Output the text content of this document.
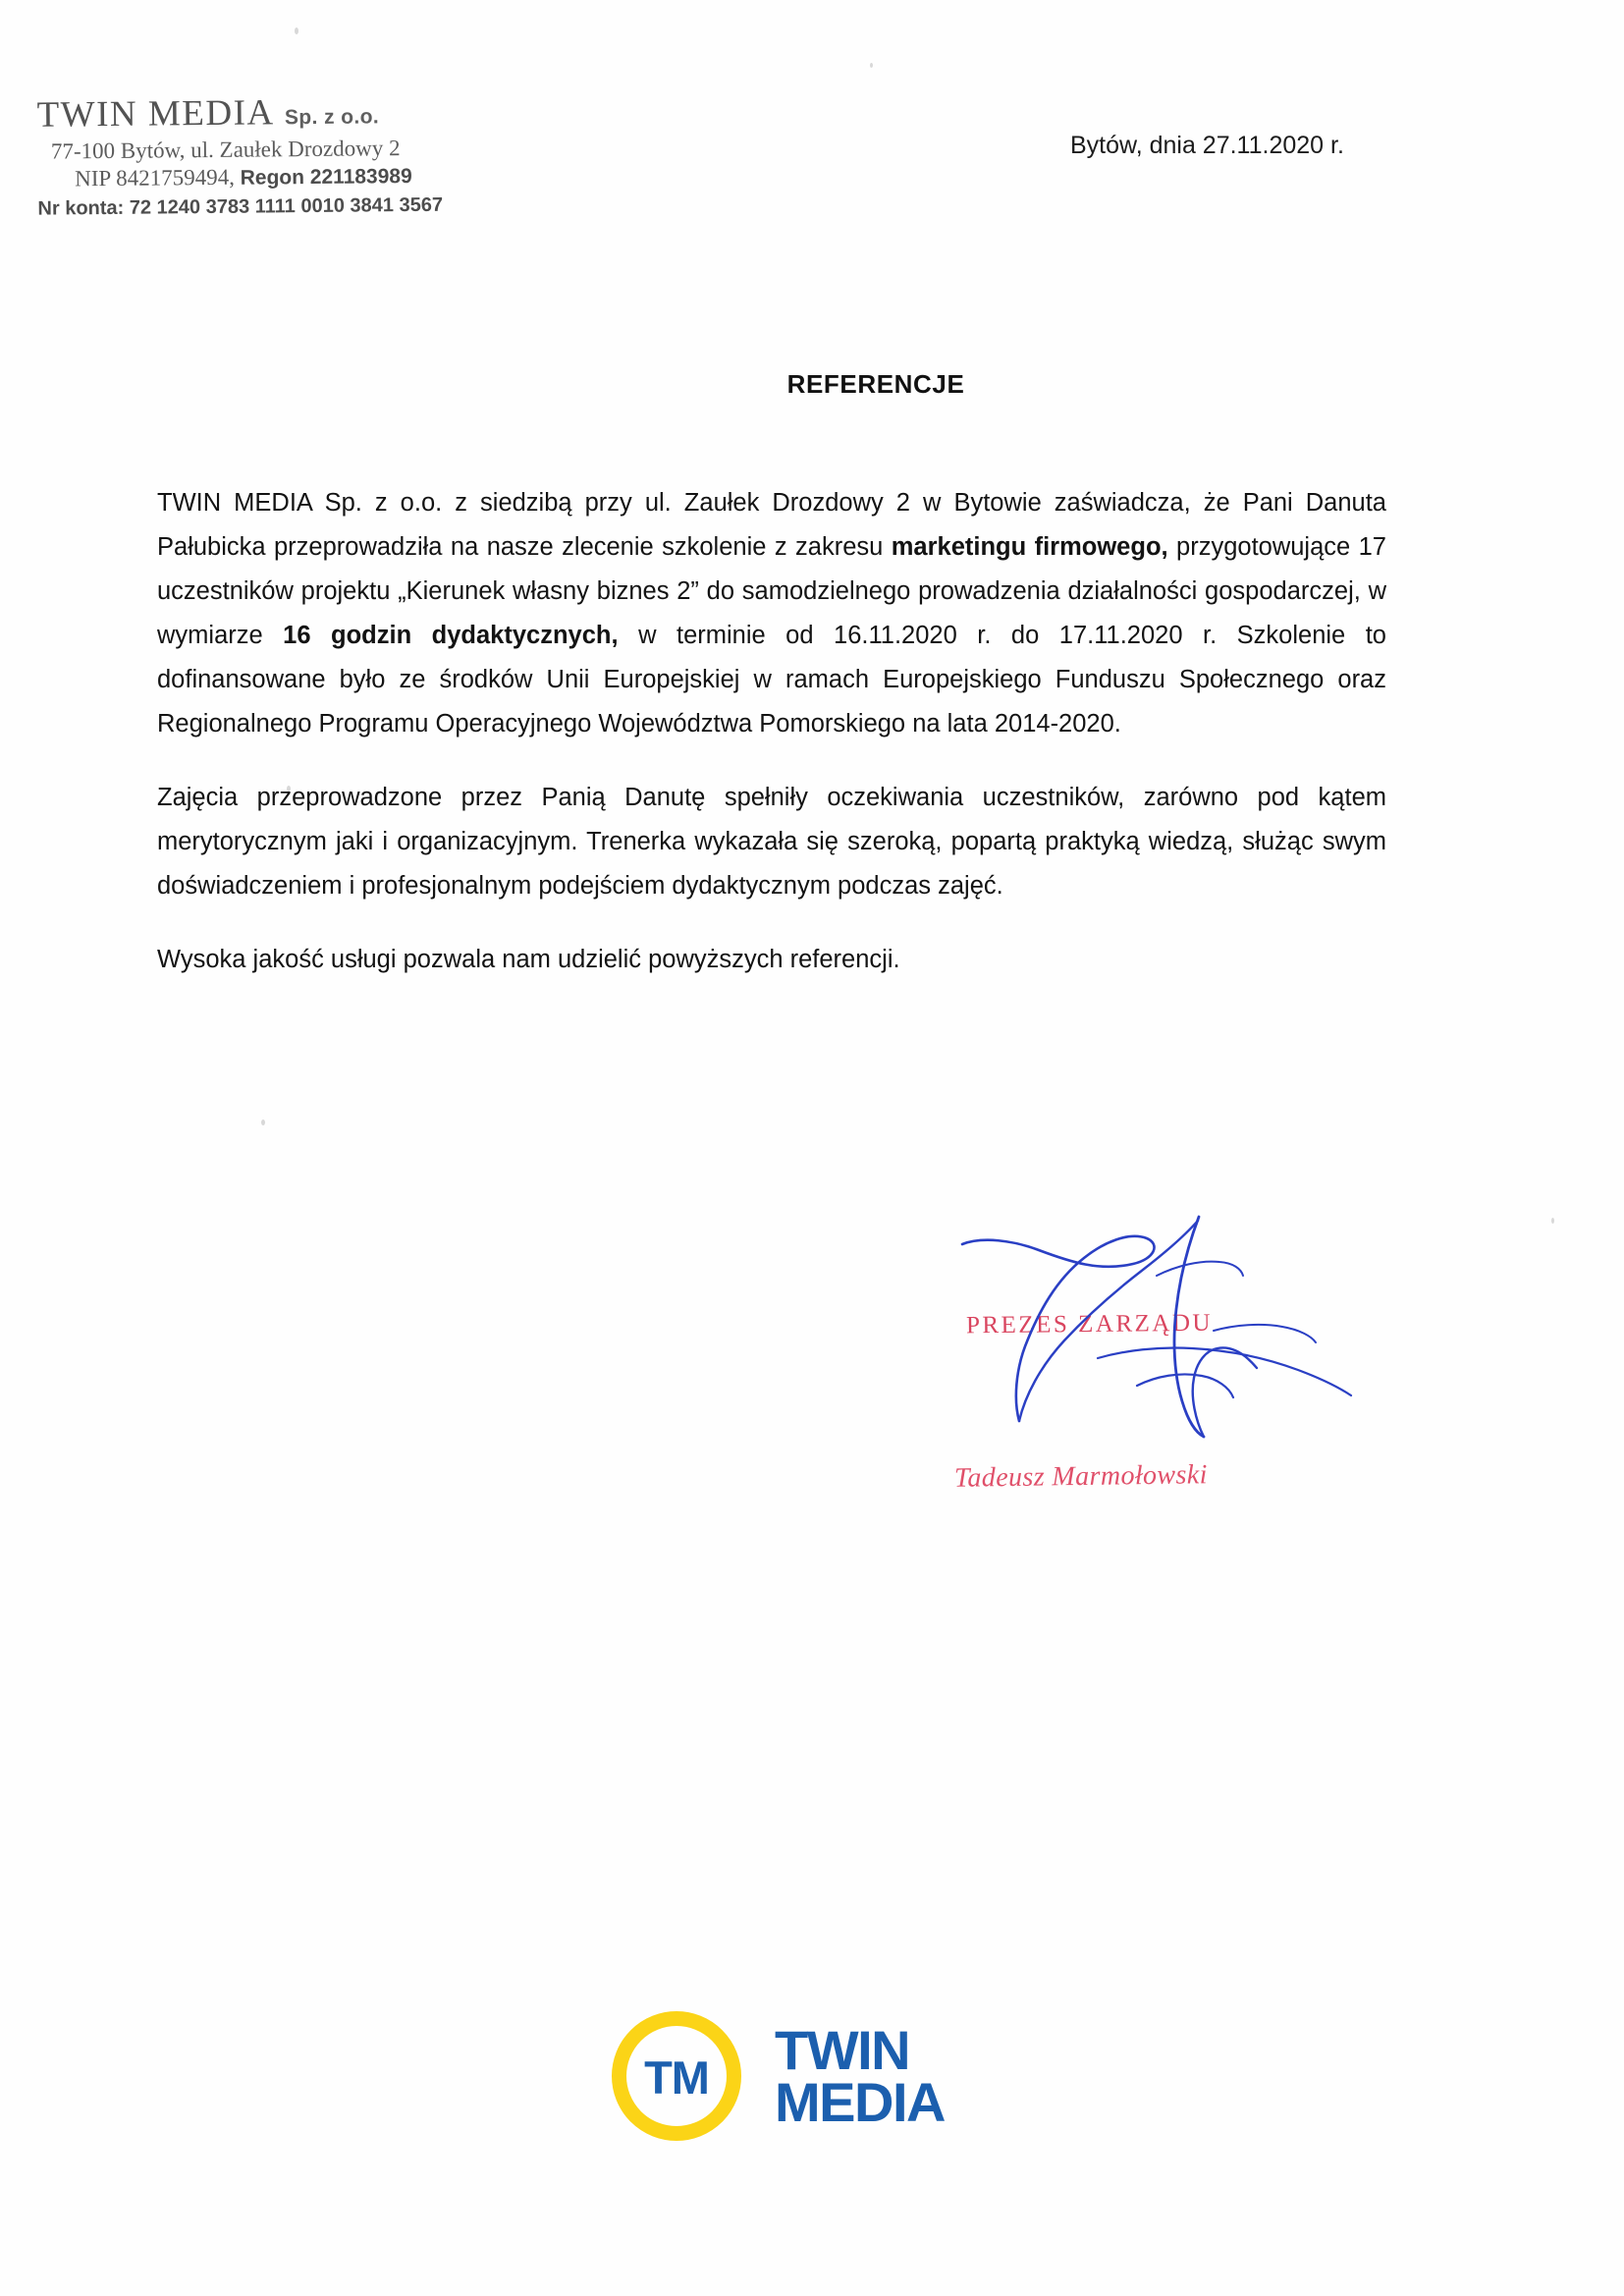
TWIN MEDIA Sp. z o.o.
77-100 Bytów, ul. Zaułek Drozdowy 2
NIP 8421759494, Regon 221183989
Nr konta: 72 1240 3783 1111 0010 3841 3567
Bytów, dnia 27.11.2020 r.
REFERENCJE

TWIN MEDIA Sp. z o.o. z siedzibą przy ul. Zaułek Drozdowy 2 w Bytowie zaświadcza, że Pani Danuta Pałubicka przeprowadziła na nasze zlecenie szkolenie z zakresu marketingu firmowego, przygotowujące 17 uczestników projektu „Kierunek własny biznes 2” do samodzielnego prowadzenia działalności gospodarczej, w wymiarze 16 godzin dydaktycznych, w terminie od 16.11.2020 r. do 17.11.2020 r. Szkolenie to dofinansowane było ze środków Unii Europejskiej w ramach Europejskiego Funduszu Społecznego oraz Regionalnego Programu Operacyjnego Województwa Pomorskiego na lata 2014-2020.

Zajęcia przeprowadzone przez Panią Danutę spełniły oczekiwania uczestników, zarówno pod kątem merytorycznym jaki i organizacyjnym. Trenerka wykazała się szeroką, popartą praktyką wiedzą, służąc swym doświadczeniem i profesjonalnym podejściem dydaktycznym podczas zajęć.

Wysoka jakość usługi pozwala nam udzielić powyższych referencji.

PREZES ZARZĄDU
Tadeusz Marmołowski
TM TWIN
MEDIA
